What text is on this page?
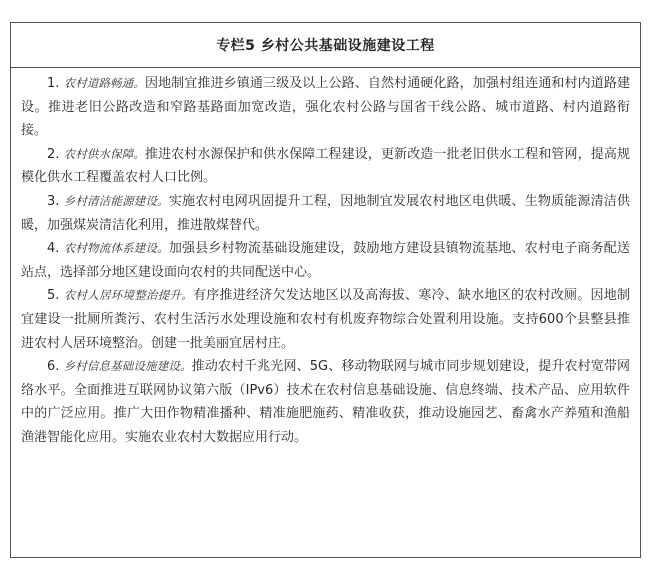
专栏5 乡村公共基础设施建设工程

1. 农村道路畅通。因地制宜推进乡镇通三级及以上公路、自然村通硬化路，加强村组连通和村内道路建设。推进老旧公路改造和窄路基路面加宽改造，强化农村公路与国省干线公路、城市道路、村内道路衔接。

2. 农村供水保障。推进农村水源保护和供水保障工程建设，更新改造一批老旧供水工程和管网，提高规模化供水工程覆盖农村人口比例。

3. 乡村清洁能源建设。实施农村电网巩固提升工程，因地制宜发展农村地区电供暖、生物质能源清洁供暖，加强煤炭清洁化利用，推进散煤替代。

4. 农村物流体系建设。加强县乡村物流基础设施建设，鼓励地方建设县镇物流基地、农村电子商务配送站点，选择部分地区建设面向农村的共同配送中心。

5. 农村人居环境整治提升。有序推进经济欠发达地区以及高海拔、寒冷、缺水地区的农村改厕。因地制宜建设一批厕所粪污、农村生活污水处理设施和农村有机废弃物综合处置利用设施。支持600个县整县推进农村人居环境整治。创建一批美丽宜居村庄。

6. 乡村信息基础设施建设。推动农村千兆光网、5G、移动物联网与城市同步规划建设，提升农村宽带网络水平。全面推进互联网协议第六版（IPv6）技术在农村信息基础设施、信息终端、技术产品、应用软件中的广泛应用。推广大田作物精准播种、精准施肥施药、精准收获，推动设施园艺、畜禽水产养殖和渔船渔港智能化应用。实施农业农村大数据应用行动。
